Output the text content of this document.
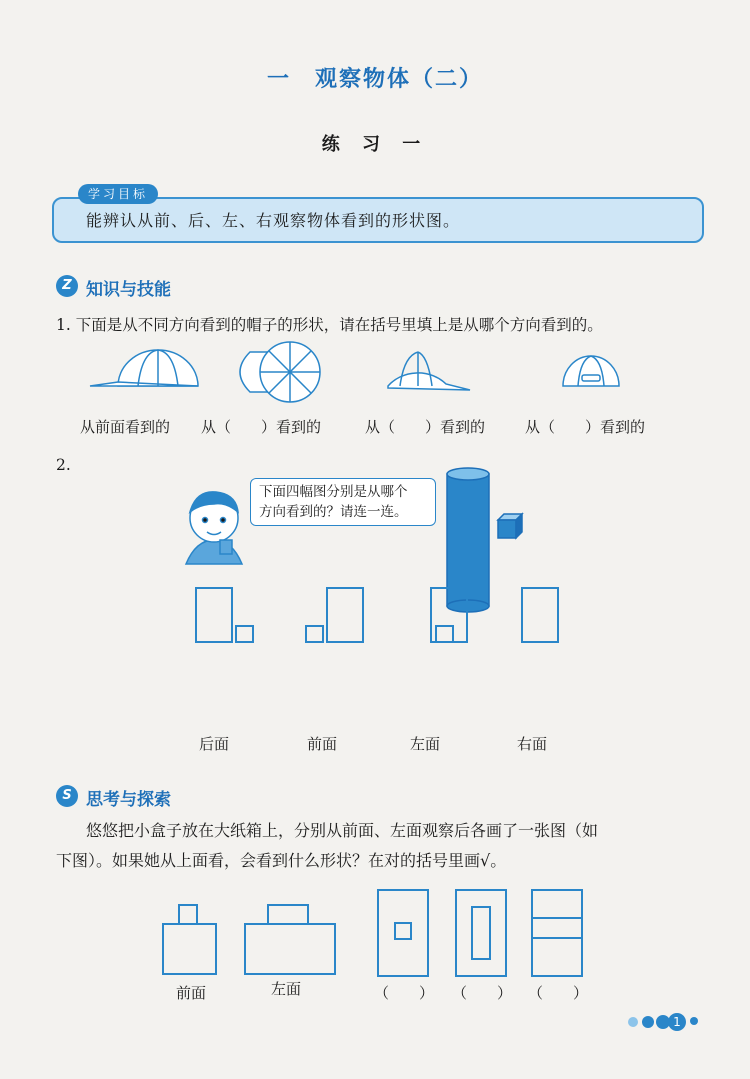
一　观察物体（二）
练 习 一
学习目标
能辨认从前、后、左、右观察物体看到的形状图。
Z 知识与技能
1. 下面是从不同方向看到的帽子的形状，请在括号里填上是从哪个方向看到的。
从前面看到的 从（　　）看到的	从（　　）看到的	从（　　）看到的
2.
下面四幅图分别是从哪个
方向看到的？请连一连。
后面	前面	左面	右面
S 思考与探索
悠悠把小盒子放在大纸箱上，分别从前面、左面观察后各画了一张图（如
下图）。如果她从上面看，会看到什么形状？在对的括号里画√。
前面	左面	（　　） （　　） （　　）
1
